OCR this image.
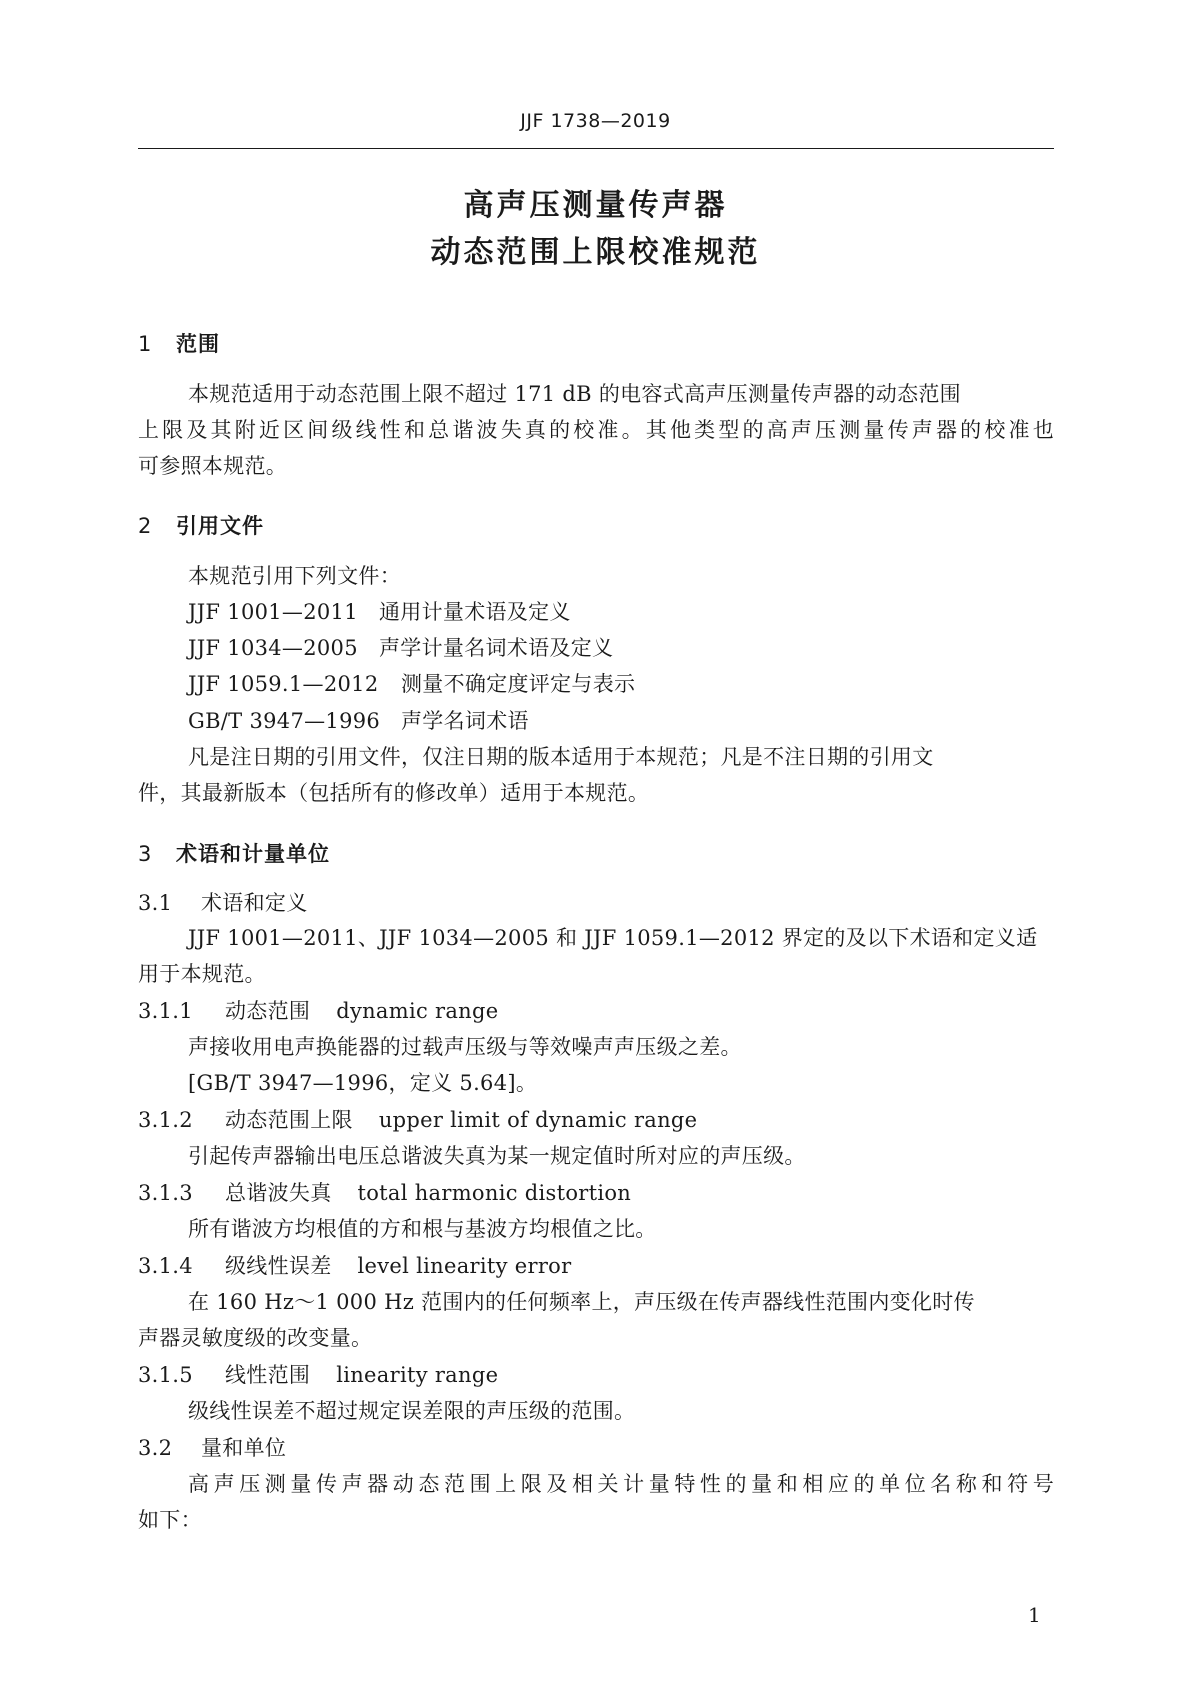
JJF 1738—2019
高声压测量传声器
动态范围上限校准规范
1 范围
本规范适用于动态范围上限不超过 171 dB 的电容式高声压测量传声器的动态范围
上限及其附近区间级线性和总谐波失真的校准。其他类型的高声压测量传声器的校准也
可参照本规范。
2 引用文件
本规范引用下列文件：
JJF 1001—2011 通用计量术语及定义
JJF 1034—2005 声学计量名词术语及定义
JJF 1059.1—2012 测量不确定度评定与表示
GB/T 3947—1996 声学名词术语
凡是注日期的引用文件，仅注日期的版本适用于本规范；凡是不注日期的引用文
件，其最新版本（包括所有的修改单）适用于本规范。
3 术语和计量单位
3.1 术语和定义
JJF 1001—2011、JJF 1034—2005 和 JJF 1059.1—2012 界定的及以下术语和定义适
用于本规范。
3.1.1 动态范围 dynamic range
声接收用电声换能器的过载声压级与等效噪声声压级之差。
[GB/T 3947—1996，定义 5.64]。
3.1.2 动态范围上限 upper limit of dynamic range
引起传声器输出电压总谐波失真为某一规定值时所对应的声压级。
3.1.3 总谐波失真 total harmonic distortion
所有谐波方均根值的方和根与基波方均根值之比。
3.1.4 级线性误差 level linearity error
在 160 Hz～1 000 Hz 范围内的任何频率上，声压级在传声器线性范围内变化时传
声器灵敏度级的改变量。
3.1.5 线性范围 linearity range
级线性误差不超过规定误差限的声压级的范围。
3.2 量和单位
高声压测量传声器动态范围上限及相关计量特性的量和相应的单位名称和符号
如下：
1
